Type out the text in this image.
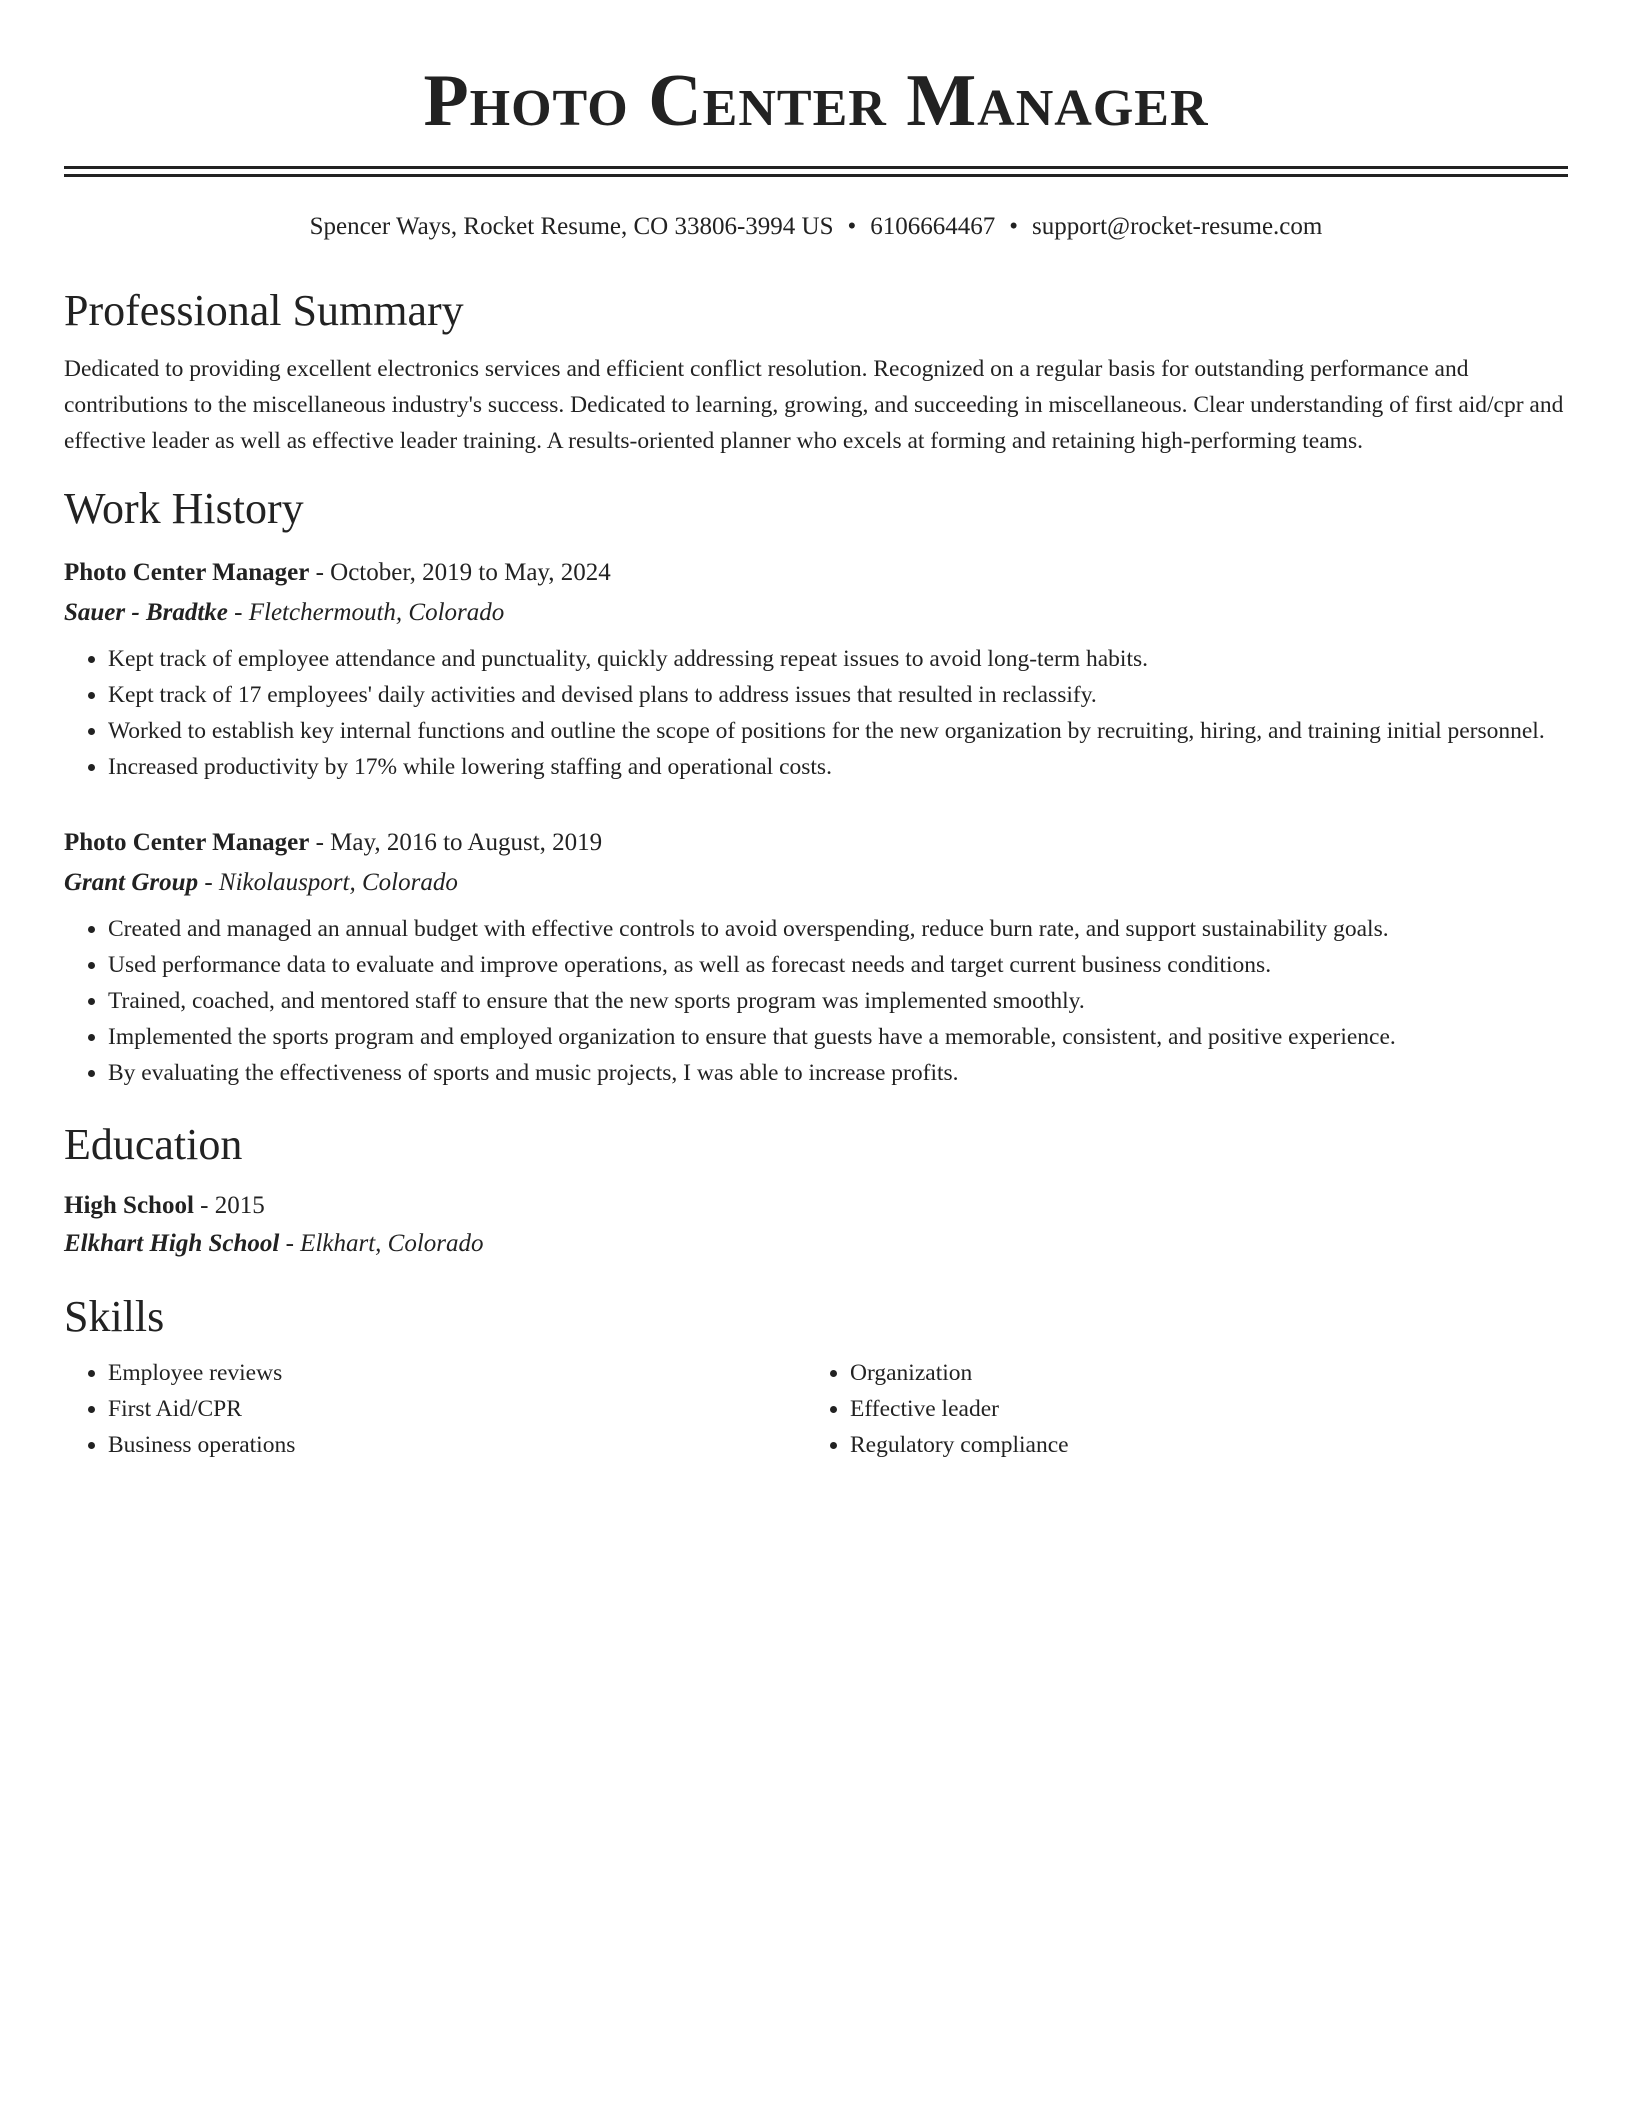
Photo Center Manager
Spencer Ways, Rocket Resume, CO 33806-3994 US • 6106664467 • support@rocket-resume.com
Professional Summary
Dedicated to providing excellent electronics services and efficient conflict resolution. Recognized on a regular basis for outstanding performance and contributions to the miscellaneous industry's success. Dedicated to learning, growing, and succeeding in miscellaneous. Clear understanding of first aid/cpr and effective leader as well as effective leader training. A results-oriented planner who excels at forming and retaining high-performing teams.
Work History
Photo Center Manager - October, 2019 to May, 2024
Sauer - Bradtke - Fletchermouth, Colorado
• Kept track of employee attendance and punctuality, quickly addressing repeat issues to avoid long-term habits.
• Kept track of 17 employees' daily activities and devised plans to address issues that resulted in reclassify.
• Worked to establish key internal functions and outline the scope of positions for the new organization by recruiting, hiring, and training initial personnel.
• Increased productivity by 17% while lowering staffing and operational costs.
Photo Center Manager - May, 2016 to August, 2019
Grant Group - Nikolausport, Colorado
• Created and managed an annual budget with effective controls to avoid overspending, reduce burn rate, and support sustainability goals.
• Used performance data to evaluate and improve operations, as well as forecast needs and target current business conditions.
• Trained, coached, and mentored staff to ensure that the new sports program was implemented smoothly.
• Implemented the sports program and employed organization to ensure that guests have a memorable, consistent, and positive experience.
• By evaluating the effectiveness of sports and music projects, I was able to increase profits.
Education
High School - 2015
Elkhart High School - Elkhart, Colorado
Skills
• Employee reviews
• First Aid/CPR
• Business operations
• Organization
• Effective leader
• Regulatory compliance
